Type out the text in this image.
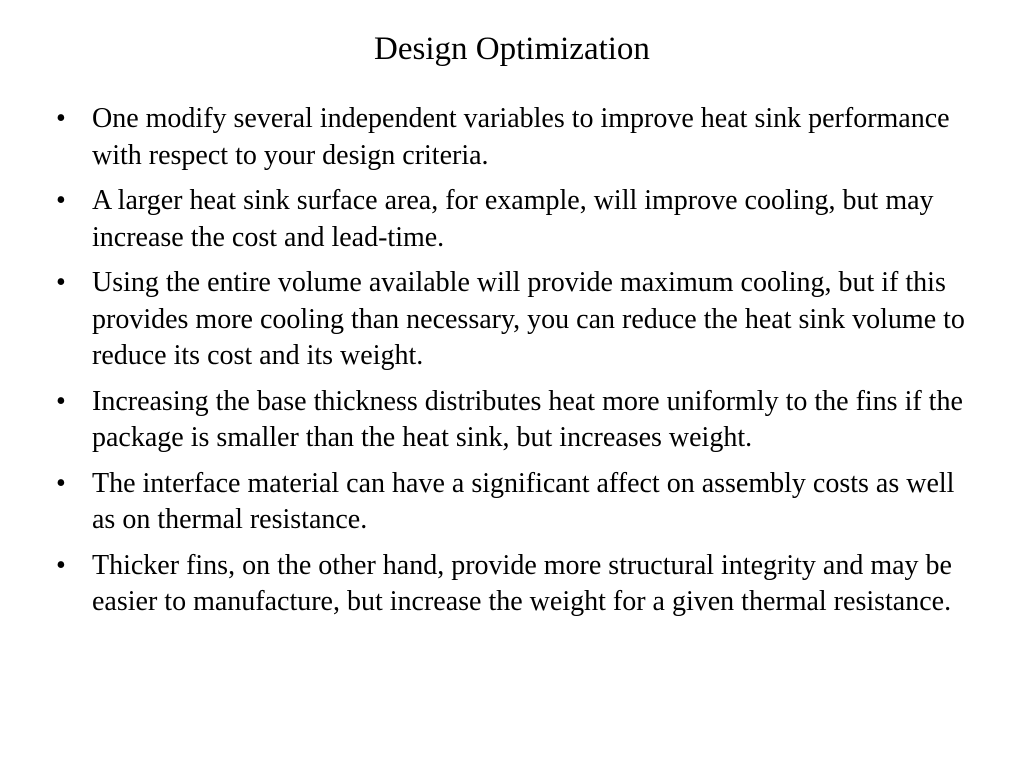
Design Optimization
• One modify several independent variables to improve heat sink performance with respect to your design criteria.
• A larger heat sink surface area, for example, will improve cooling, but may increase the cost and lead-time.
• Using the entire volume available will provide maximum cooling, but if this provides more cooling than necessary, you can reduce the heat sink volume to reduce its cost and its weight.
• Increasing the base thickness distributes heat more uniformly to the fins if the package is smaller than the heat sink, but increases weight.
• The interface material can have a significant affect on assembly costs as well as on thermal resistance.
• Thicker fins, on the other hand, provide more structural integrity and may be easier to manufacture, but increase the weight for a given thermal resistance.
